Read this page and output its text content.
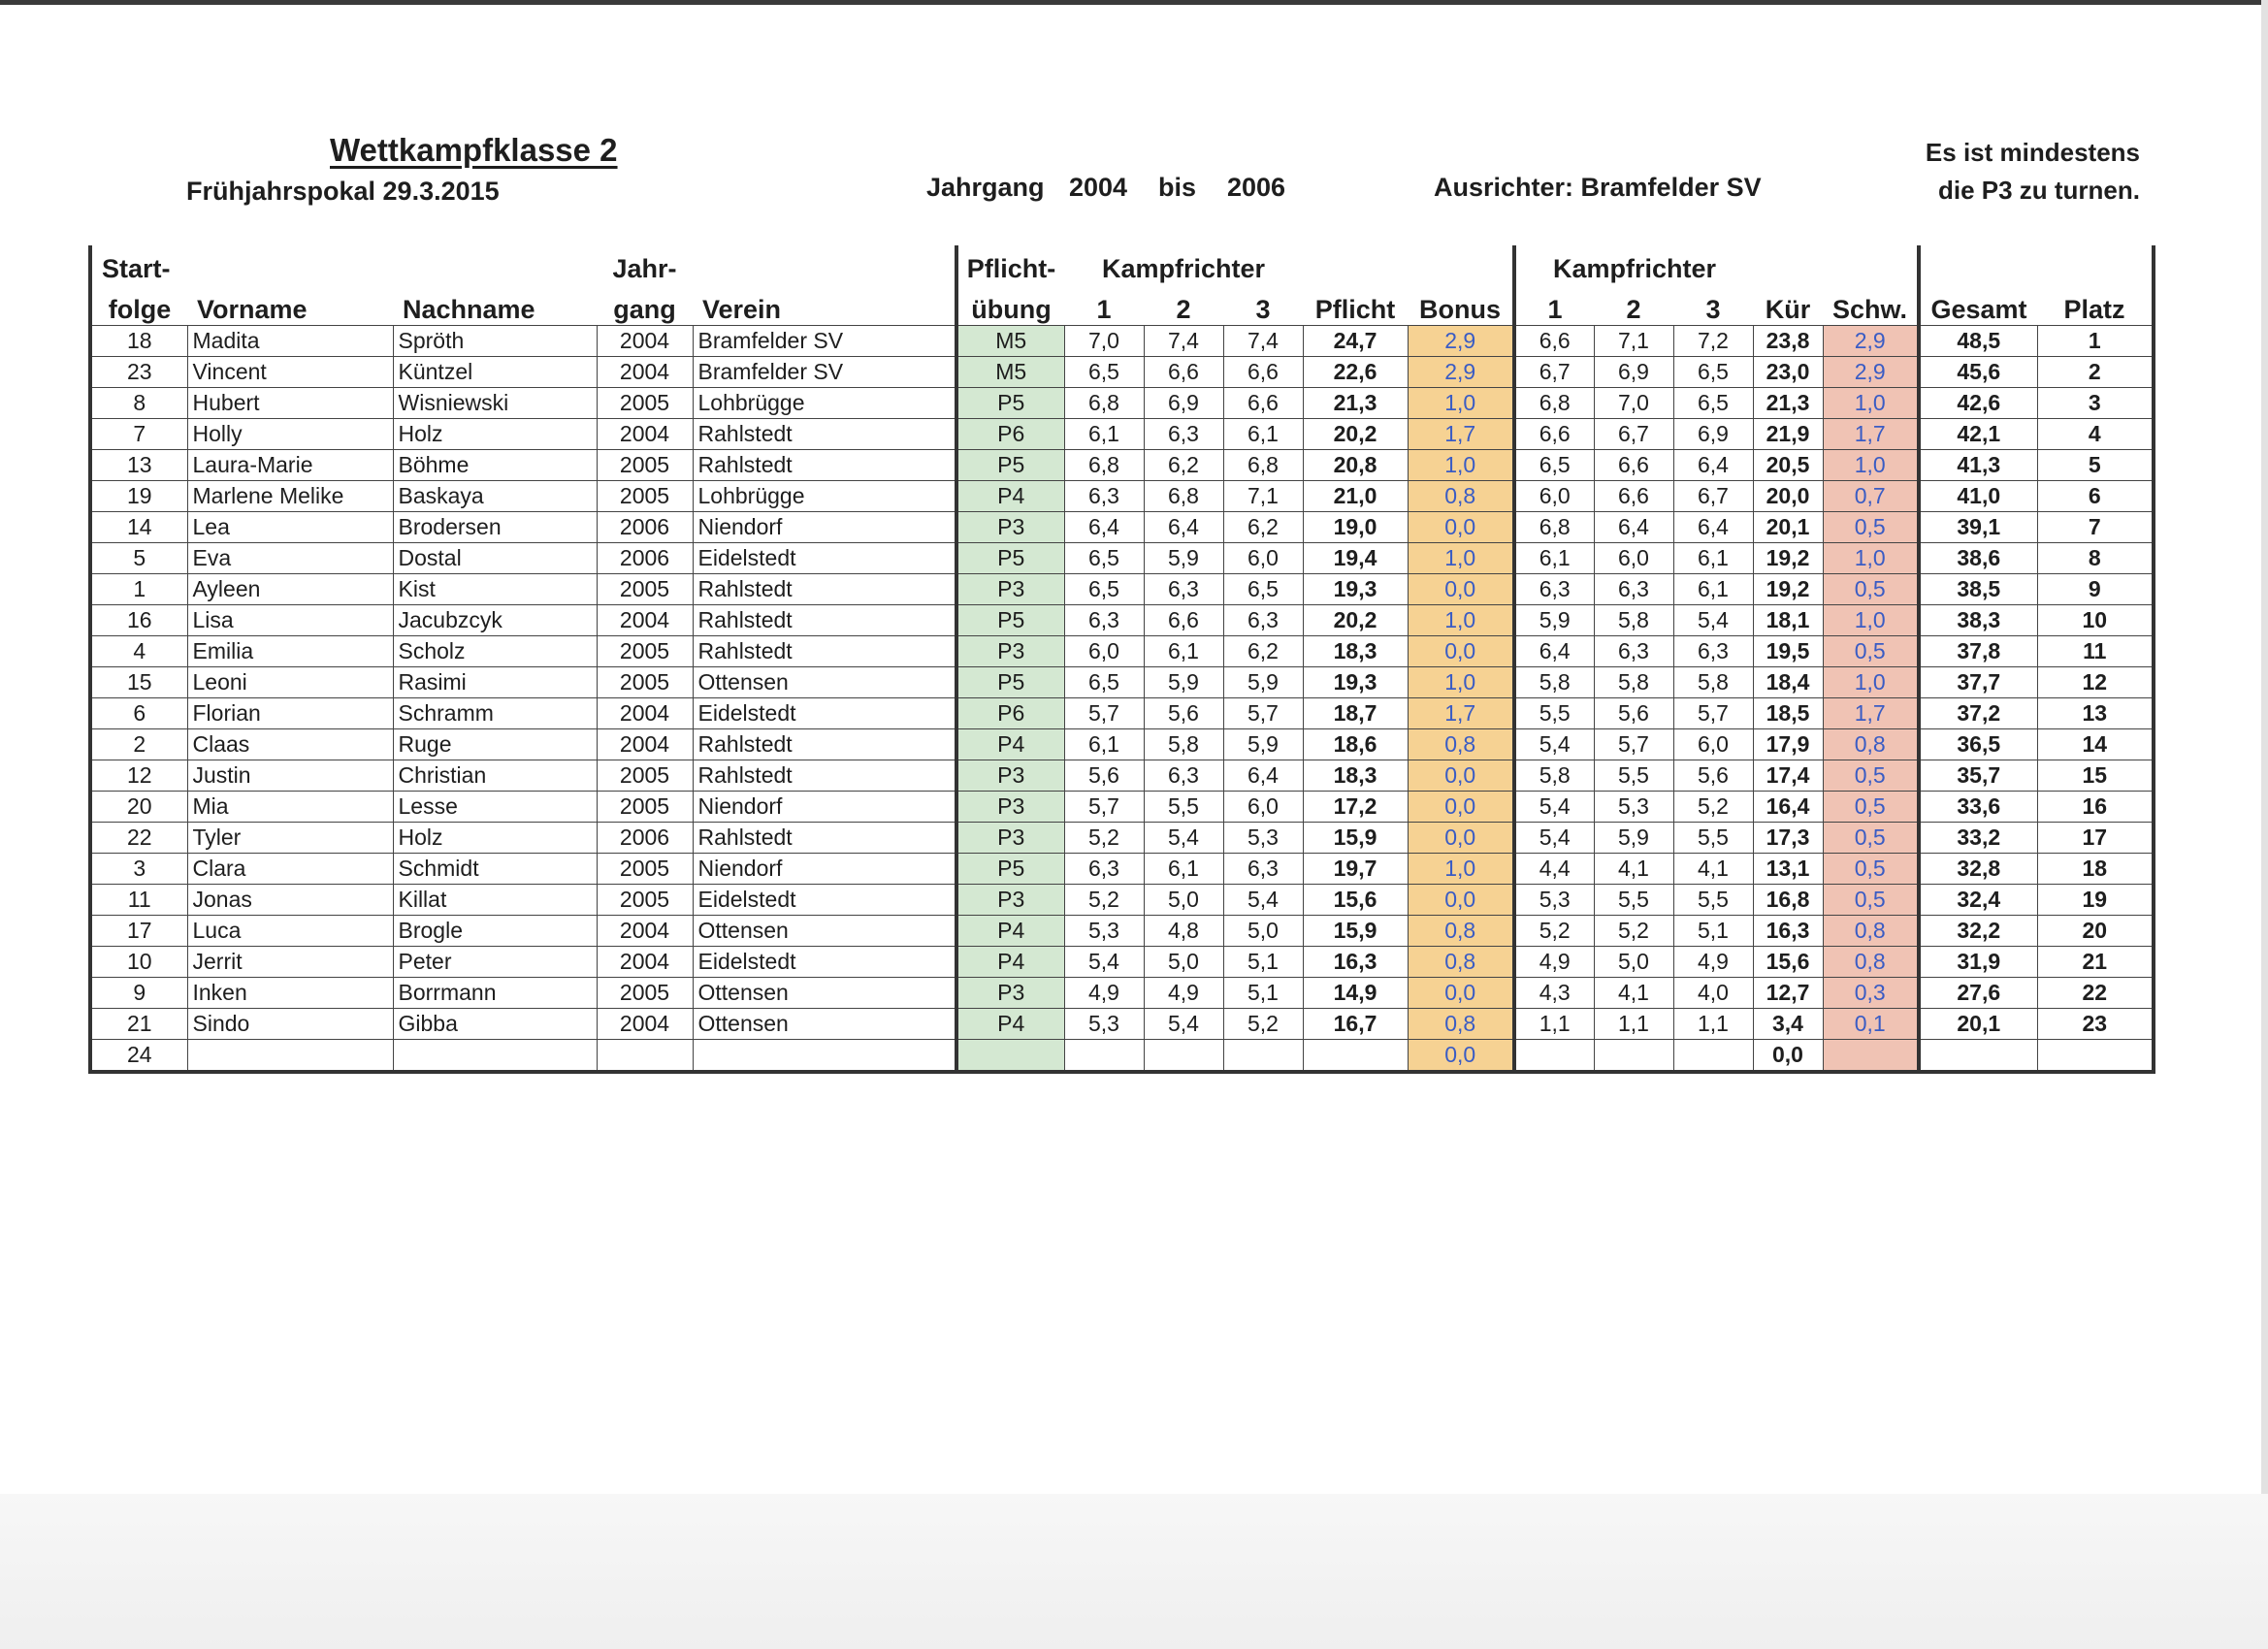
Wettkampfklasse 2
Frühjahrspokal 29.3.2015	Jahrgang 2004 bis 2006	Ausrichter: Bramfelder SV
Es ist mindestens
die P3 zu turnen.
Start-			Jahr-		Pflicht-	Kampfrichter					Kampfrichter						
folge	Vorname	Nachname	gang	Verein	übung	1	2	3	Pflicht	Bonus	1	2	3	Kür	Schw.	Gesamt	Platz
18	Madita	Spröth	2004	Bramfelder SV	M5	7,0	7,4	7,4	24,7	2,9	6,6	7,1	7,2	23,8	2,9	48,5	1
23	Vincent	Küntzel	2004	Bramfelder SV	M5	6,5	6,6	6,6	22,6	2,9	6,7	6,9	6,5	23,0	2,9	45,6	2
8	Hubert	Wisniewski	2005	Lohbrügge	P5	6,8	6,9	6,6	21,3	1,0	6,8	7,0	6,5	21,3	1,0	42,6	3
7	Holly	Holz	2004	Rahlstedt	P6	6,1	6,3	6,1	20,2	1,7	6,6	6,7	6,9	21,9	1,7	42,1	4
13	Laura-Marie	Böhme	2005	Rahlstedt	P5	6,8	6,2	6,8	20,8	1,0	6,5	6,6	6,4	20,5	1,0	41,3	5
19	Marlene Melike	Baskaya	2005	Lohbrügge	P4	6,3	6,8	7,1	21,0	0,8	6,0	6,6	6,7	20,0	0,7	41,0	6
14	Lea	Brodersen	2006	Niendorf	P3	6,4	6,4	6,2	19,0	0,0	6,8	6,4	6,4	20,1	0,5	39,1	7
5	Eva	Dostal	2006	Eidelstedt	P5	6,5	5,9	6,0	19,4	1,0	6,1	6,0	6,1	19,2	1,0	38,6	8
1	Ayleen	Kist	2005	Rahlstedt	P3	6,5	6,3	6,5	19,3	0,0	6,3	6,3	6,1	19,2	0,5	38,5	9
16	Lisa	Jacubzcyk	2004	Rahlstedt	P5	6,3	6,6	6,3	20,2	1,0	5,9	5,8	5,4	18,1	1,0	38,3	10
4	Emilia	Scholz	2005	Rahlstedt	P3	6,0	6,1	6,2	18,3	0,0	6,4	6,3	6,3	19,5	0,5	37,8	11
15	Leoni	Rasimi	2005	Ottensen	P5	6,5	5,9	5,9	19,3	1,0	5,8	5,8	5,8	18,4	1,0	37,7	12
6	Florian	Schramm	2004	Eidelstedt	P6	5,7	5,6	5,7	18,7	1,7	5,5	5,6	5,7	18,5	1,7	37,2	13
2	Claas	Ruge	2004	Rahlstedt	P4	6,1	5,8	5,9	18,6	0,8	5,4	5,7	6,0	17,9	0,8	36,5	14
12	Justin	Christian	2005	Rahlstedt	P3	5,6	6,3	6,4	18,3	0,0	5,8	5,5	5,6	17,4	0,5	35,7	15
20	Mia	Lesse	2005	Niendorf	P3	5,7	5,5	6,0	17,2	0,0	5,4	5,3	5,2	16,4	0,5	33,6	16
22	Tyler	Holz	2006	Rahlstedt	P3	5,2	5,4	5,3	15,9	0,0	5,4	5,9	5,5	17,3	0,5	33,2	17
3	Clara	Schmidt	2005	Niendorf	P5	6,3	6,1	6,3	19,7	1,0	4,4	4,1	4,1	13,1	0,5	32,8	18
11	Jonas	Killat	2005	Eidelstedt	P3	5,2	5,0	5,4	15,6	0,0	5,3	5,5	5,5	16,8	0,5	32,4	19
17	Luca	Brogle	2004	Ottensen	P4	5,3	4,8	5,0	15,9	0,8	5,2	5,2	5,1	16,3	0,8	32,2	20
10	Jerrit	Peter	2004	Eidelstedt	P4	5,4	5,0	5,1	16,3	0,8	4,9	5,0	4,9	15,6	0,8	31,9	21
9	Inken	Borrmann	2005	Ottensen	P3	4,9	4,9	5,1	14,9	0,0	4,3	4,1	4,0	12,7	0,3	27,6	22
21	Sindo	Gibba	2004	Ottensen	P4	5,3	5,4	5,2	16,7	0,8	1,1	1,1	1,1	3,4	0,1	20,1	23
24										0,0				0,0			
